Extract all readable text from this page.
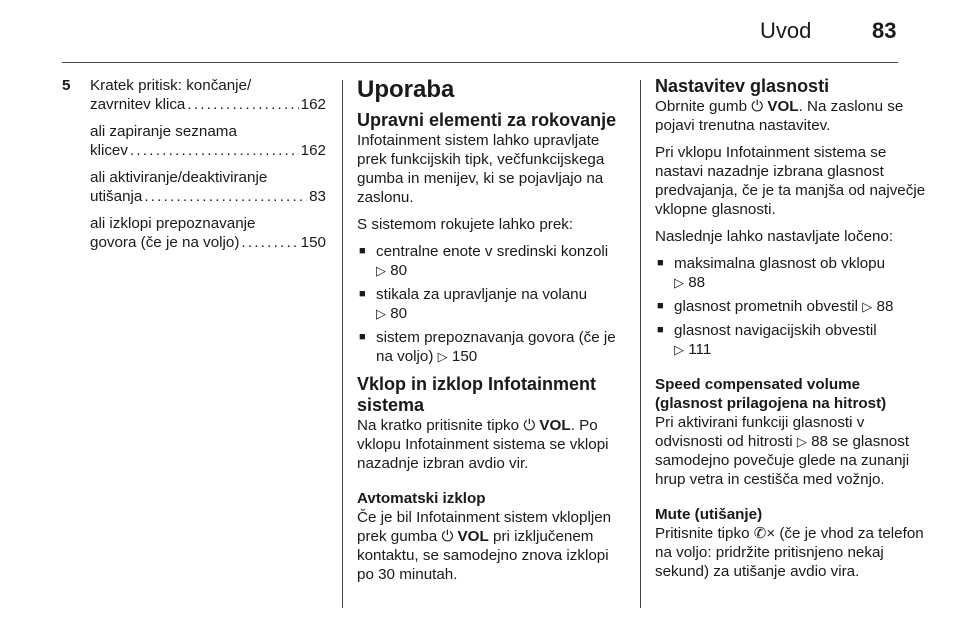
Uvod	83
5 Kratek pritisk: končanje/
zavrnitev klica . . .	162
ali zapiranje seznama
klicev . . .	162
ali aktiviranje/deaktiviranje
utišanja . . .	83
ali izklopi prepoznavanje
govora (če je na voljo) . . .	150
Uporaba
Upravni elementi za rokovanje

Infotainment sistem lahko upravljate prek funkcijskih tipk, večfunkcijskega gumba in menijev, ki se pojavljajo na zaslonu.

S sistemom rokujete lahko prek:

■ centralne enote v sredinski konzoli
▷ 80
■ stikala za upravljanje na volanu
▷ 80
■ sistem prepoznavanja govora (če je na voljo) ▷ 150
Vklop in izklop Infotainment sistema

Na kratko pritisnite tipko ⏻ VOL. Po vklopu Infotainment sistema se vklopi nazadnje izbran avdio vir.

Avtomatski izklop

Če je bil Infotainment sistem vklopljen prek gumba ⏻ VOL pri izključenem kontaktu, se samodejno znova izklopi po 30 minutah.

Nastavitev glasnosti

Obrnite gumb ⏻ VOL. Na zaslonu se pojavi trenutna nastavitev.

Pri vklopu Infotainment sistema se nastavi nazadnje izbrana glasnost predvajanja, če je ta manjša od največje vklopne glasnosti.

Naslednje lahko nastavljate ločeno:

■ maksimalna glasnost ob vklopu
▷ 88
■ glasnost prometnih obvestil ▷ 88
■ glasnost navigacijskih obvestil
▷ 111
Speed compensated volume
(glasnost prilagojena na hitrost)

Pri aktivirani funkciji glasnosti v odvisnosti od hitrosti ▷ 88 se glasnost samodejno povečuje glede na zunanji hrup vetra in cestišča med vožnjo.

Mute (utišanje)

Pritisnite tipko ✆× (če je vhod za telefon na voljo: pridržite pritisnjeno nekaj sekund) za utišanje avdio vira.
